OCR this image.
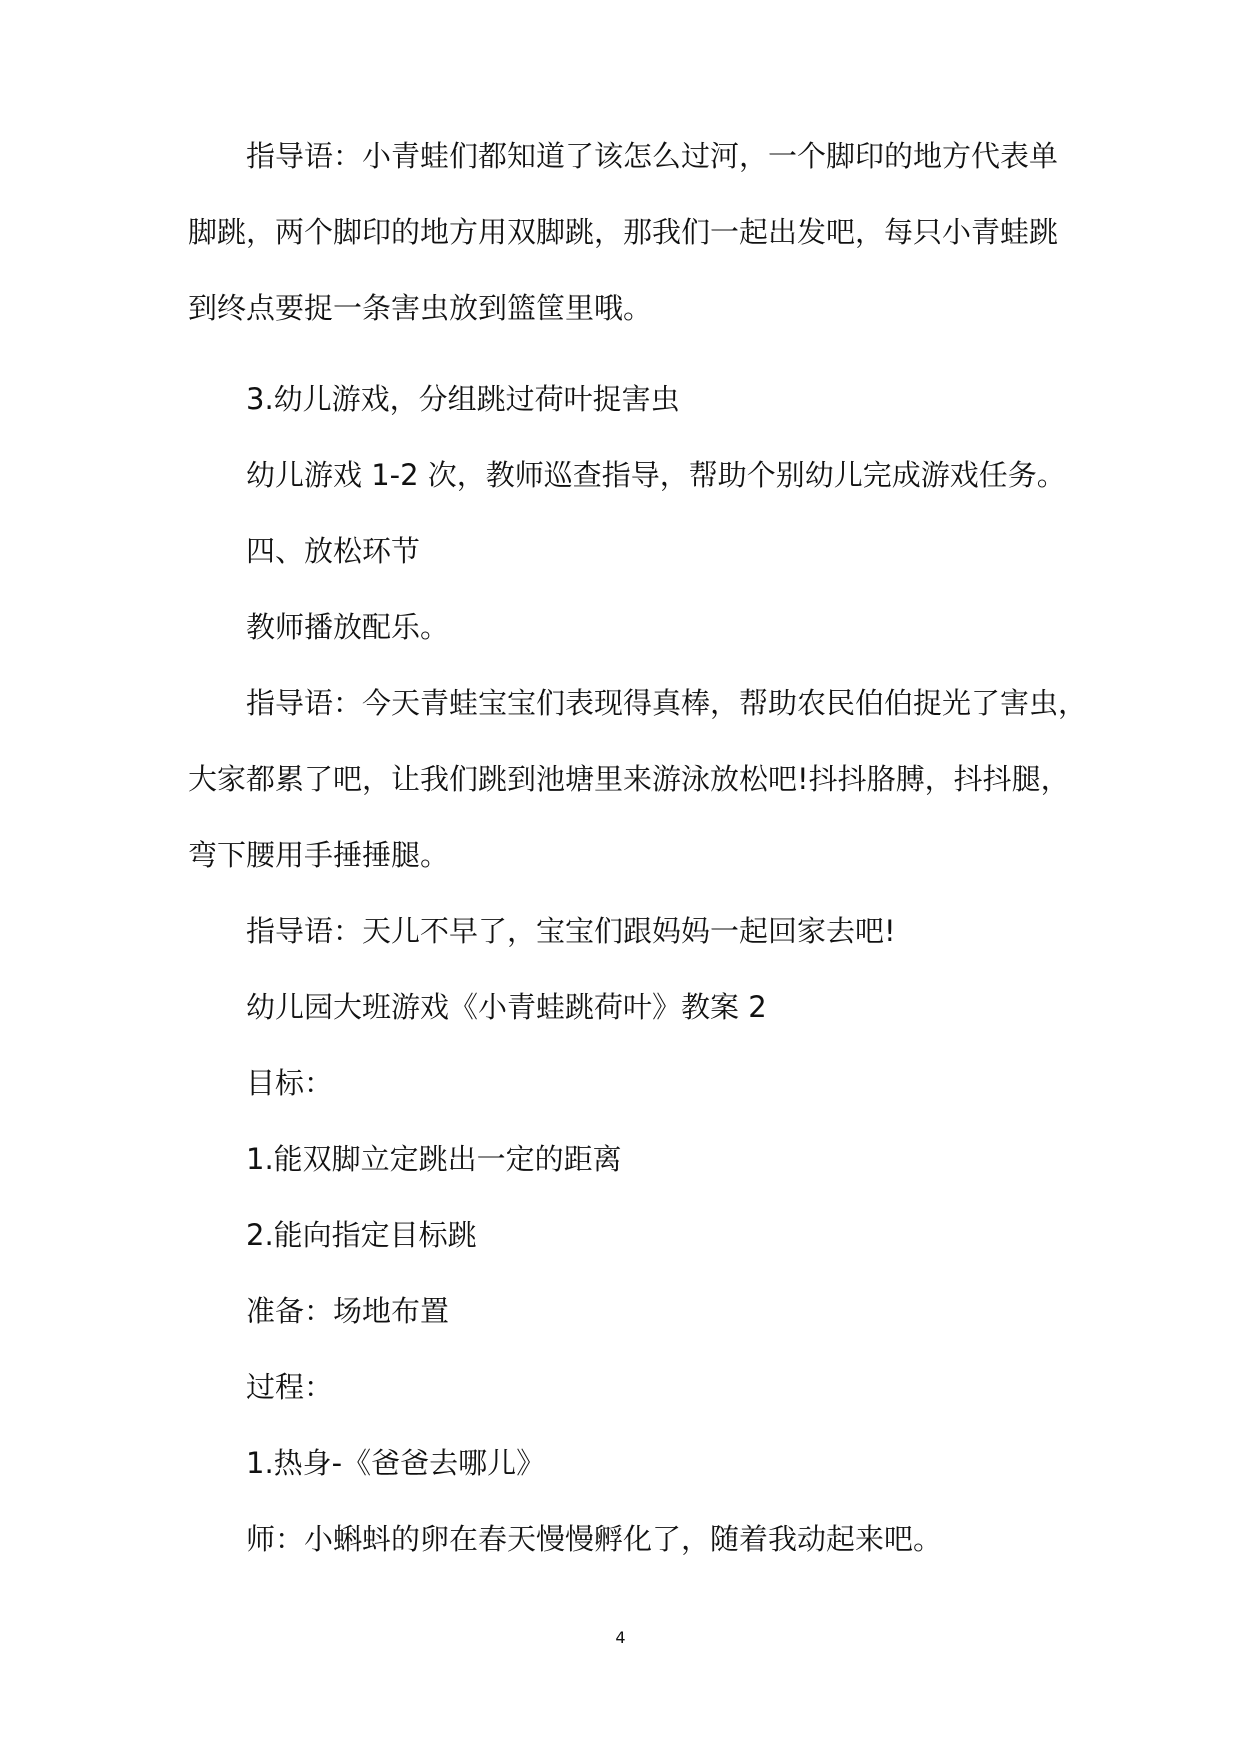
指导语：小青蛙们都知道了该怎么过河，一个脚印的地方代表单
脚跳，两个脚印的地方用双脚跳，那我们一起出发吧，每只小青蛙跳
到终点要捉一条害虫放到篮筐里哦。

3.幼儿游戏，分组跳过荷叶捉害虫

幼儿游戏 1-2 次，教师巡查指导，帮助个别幼儿完成游戏任务。

四、放松环节

教师播放配乐。

指导语：今天青蛙宝宝们表现得真棒，帮助农民伯伯捉光了害虫，
大家都累了吧，让我们跳到池塘里来游泳放松吧!抖抖胳膊，抖抖腿，
弯下腰用手捶捶腿。

指导语：天儿不早了，宝宝们跟妈妈一起回家去吧!

幼儿园大班游戏《小青蛙跳荷叶》教案 2

目标：

1.能双脚立定跳出一定的距离

2.能向指定目标跳

准备：场地布置

过程：

1.热身-《爸爸去哪儿》

师：小蝌蚪的卵在春天慢慢孵化了，随着我动起来吧。

4
